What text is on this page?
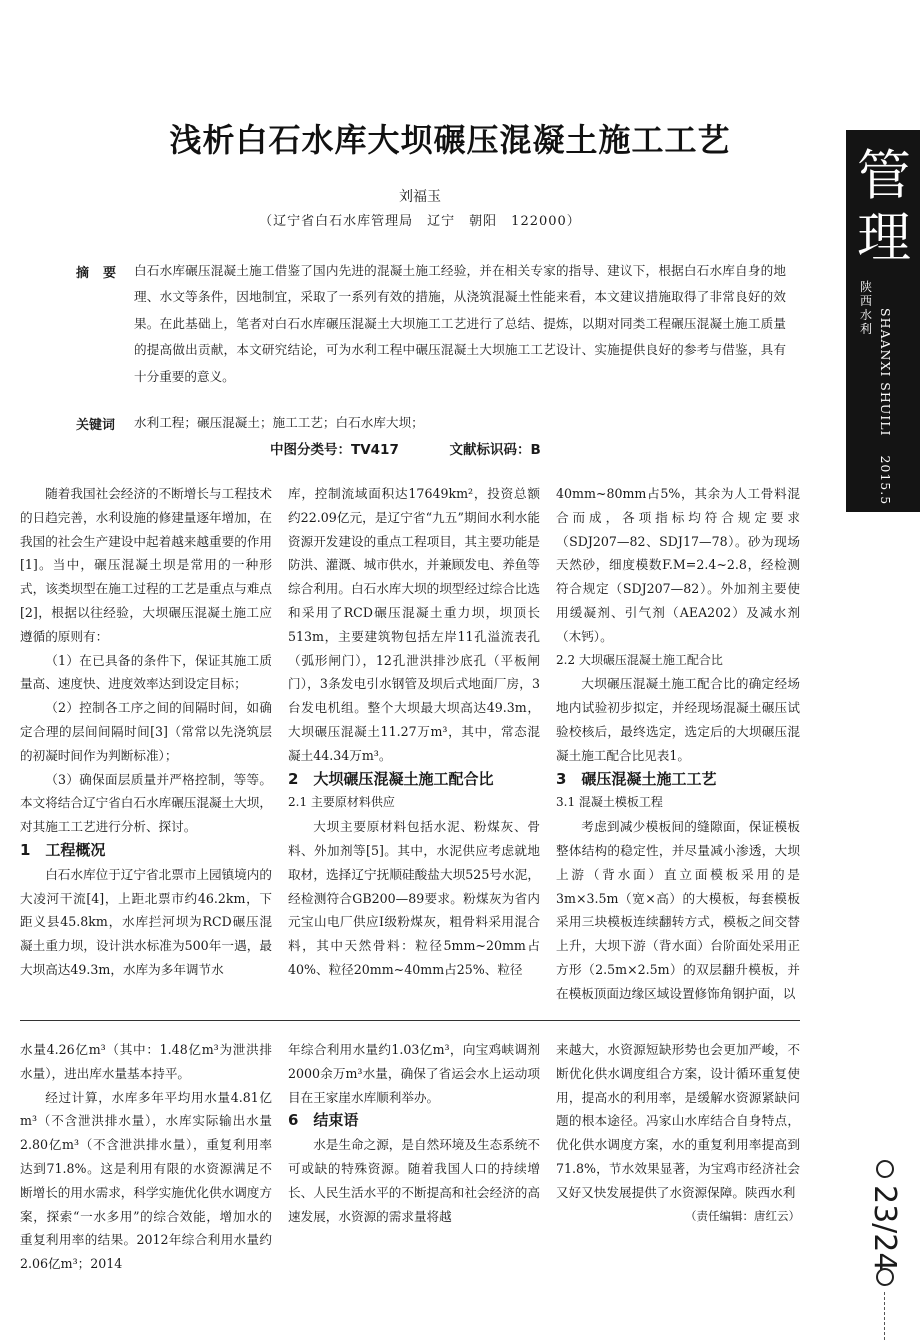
浅析白石水库大坝碾压混凝土施工工艺
刘福玉
（辽宁省白石水库管理局　辽宁　朝阳　122000）
摘要 白石水库碾压混凝土施工借鉴了国内先进的混凝土施工经验，并在相关专家的指导、建议下，根据白石水库自身的地理、水文等条件，因地制宜，采取了一系列有效的措施，从浇筑混凝土性能来看，本文建议措施取得了非常良好的效果。在此基础上，笔者对白石水库碾压混凝土大坝施工工艺进行了总结、提炼，以期对同类工程碾压混凝土施工质量的提高做出贡献，本文研究结论，可为水利工程中碾压混凝土大坝施工工艺设计、实施提供良好的参考与借鉴，具有十分重要的意义。
关键词 水利工程；碾压混凝土；施工工艺；白石水库大坝；
中图分类号：TV417	文献标识码：B

随着我国社会经济的不断增长与工程技术的日趋完善，水利设施的修建量逐年增加，在我国的社会生产建设中起着越来越重要的作用[1]。当中，碾压混凝土坝是常用的一种形式，该类坝型在施工过程的工艺是重点与难点[2]，根据以往经验，大坝碾压混凝土施工应遵循的原则有：

（1）在已具备的条件下，保证其施工质量高、速度快、进度效率达到设定目标；

（2）控制各工序之间的间隔时间，如确定合理的层间间隔时间[3]（常常以先浇筑层的初凝时间作为判断标准）；

（3）确保面层质量并严格控制，等等。本文将结合辽宁省白石水库碾压混凝土大坝，对其施工工艺进行分析、探讨。

1　工程概况

白石水库位于辽宁省北票市上园镇境内的大凌河干流[4]，上距北票市约46.2km，下距义县45.8km，水库拦河坝为RCD碾压混凝土重力坝，设计洪水标准为500年一遇，最大坝高达49.3m，水库为多年调节水

库，控制流域面积达17649km²，投资总额约22.09亿元，是辽宁省“九五”期间水利水能资源开发建设的重点工程项目，其主要功能是防洪、灌溉、城市供水，并兼顾发电、养鱼等综合利用。白石水库大坝的坝型经过综合比选和采用了RCD碾压混凝土重力坝，坝顶长513m，主要建筑物包括左岸11孔溢流表孔（弧形闸门），12孔泄洪排沙底孔（平板闸门），3条发电引水钢管及坝后式地面厂房，3台发电机组。整个大坝最大坝高达49.3m，大坝碾压混凝土11.27万m³，其中，常态混凝土44.34万m³。

2　大坝碾压混凝土施工配合比

2.1 主要原材料供应

大坝主要原材料包括水泥、粉煤灰、骨料、外加剂等[5]。其中，水泥供应考虑就地取材，选择辽宁抚顺硅酸盐大坝525号水泥，经检测符合GB200—89要求。粉煤灰为省内元宝山电厂供应Ⅰ级粉煤灰，粗骨料采用混合料，其中天然骨料：粒径5mm~20mm占40%、粒径20mm~40mm占25%、粒径

40mm~80mm占5%，其余为人工骨料混合而成，各项指标均符合规定要求（SDJ207—82、SDJ17—78）。砂为现场天然砂，细度模数F.M=2.4~2.8，经检测符合规定（SDJ207—82）。外加剂主要使用缓凝剂、引气剂（AEA202）及减水剂（木钙）。

2.2 大坝碾压混凝土施工配合比

大坝碾压混凝土施工配合比的确定经场地内试验初步拟定，并经现场混凝土碾压试验校核后，最终选定，选定后的大坝碾压混凝土施工配合比见表1。

3　碾压混凝土施工工艺

3.1 混凝土模板工程

考虑到减少模板间的缝隙面，保证模板整体结构的稳定性，并尽量减小渗透，大坝上游（背水面）直立面模板采用的是3m×3.5m（宽×高）的大模板，每套模板采用三块模板连续翻转方式，模板之间交替上升，大坝下游（背水面）台阶面处采用正方形（2.5m×2.5m）的双层翻升模板，并在模板顶面边缘区域设置修饰角钢护面，以

水量4.26亿m³（其中：1.48亿m³为泄洪排水量），进出库水量基本持平。

经过计算，水库多年平均用水量4.81亿m³（不含泄洪排水量），水库实际输出水量2.80亿m³（不含泄洪排水量），重复利用率达到71.8%。这是利用有限的水资源满足不断增长的用水需求，科学实施优化供水调度方案，探索“一水多用”的综合效能，增加水的重复利用率的结果。2012年综合利用水量约2.06亿m³；2014

年综合利用水量约1.03亿m³，向宝鸡峡调剂2000余万m³水量，确保了省运会水上运动项目在王家崖水库顺利举办。

6　结束语

水是生命之源，是自然环境及生态系统不可或缺的特殊资源。随着我国人口的持续增长、人民生活水平的不断提高和社会经济的高速发展，水资源的需求量将越

来越大，水资源短缺形势也会更加严峻，不断优化供水调度组合方案，设计循环重复使用，提高水的利用率，是缓解水资源紧缺问题的根本途径。冯家山水库结合自身特点，优化供水调度方案，水的重复利用率提高到71.8%，节水效果显著，为宝鸡市经济社会又好又快发展提供了水资源保障。陕西水利

（责任编辑：唐红云）

管
理
陕
西
水
利 SHAANXI SHUILI 2015.5
23/24
